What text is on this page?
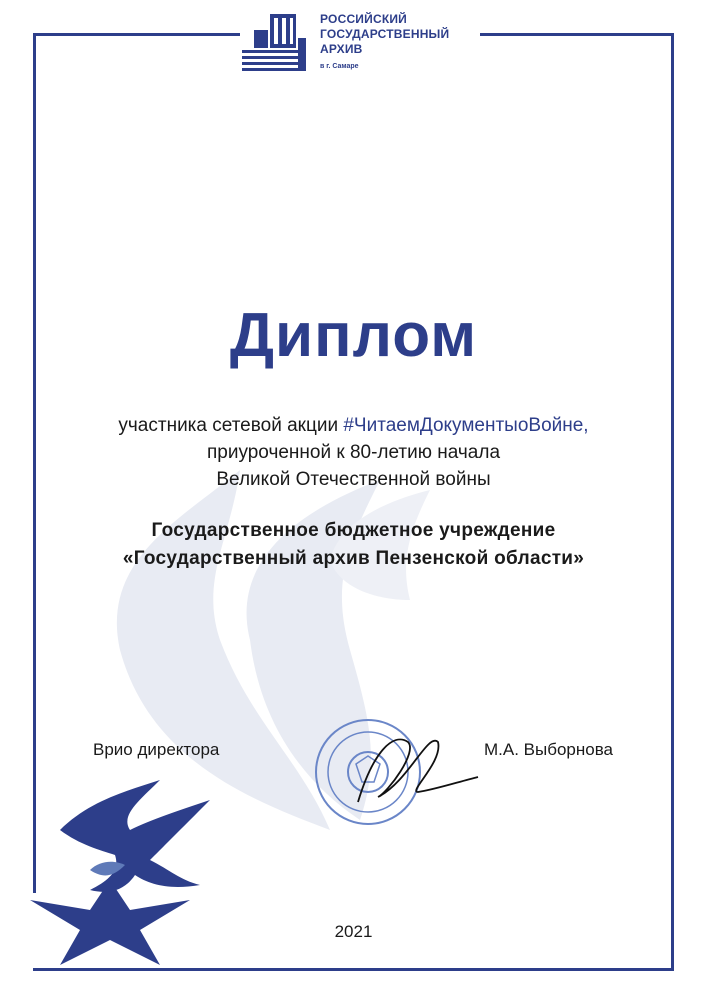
РОССИЙСКИЙ
ГОСУДАРСТВЕННЫЙ
АРХИВ
в г. Самаре
Диплом
участника сетевой акции #ЧитаемДокументыоВойне,
приуроченной к 80-летию начала
Великой Отечественной войны
Государственное бюджетное учреждение
«Государственный архив Пензенской области»
Врио директора	М.А. Выборнова
2021
